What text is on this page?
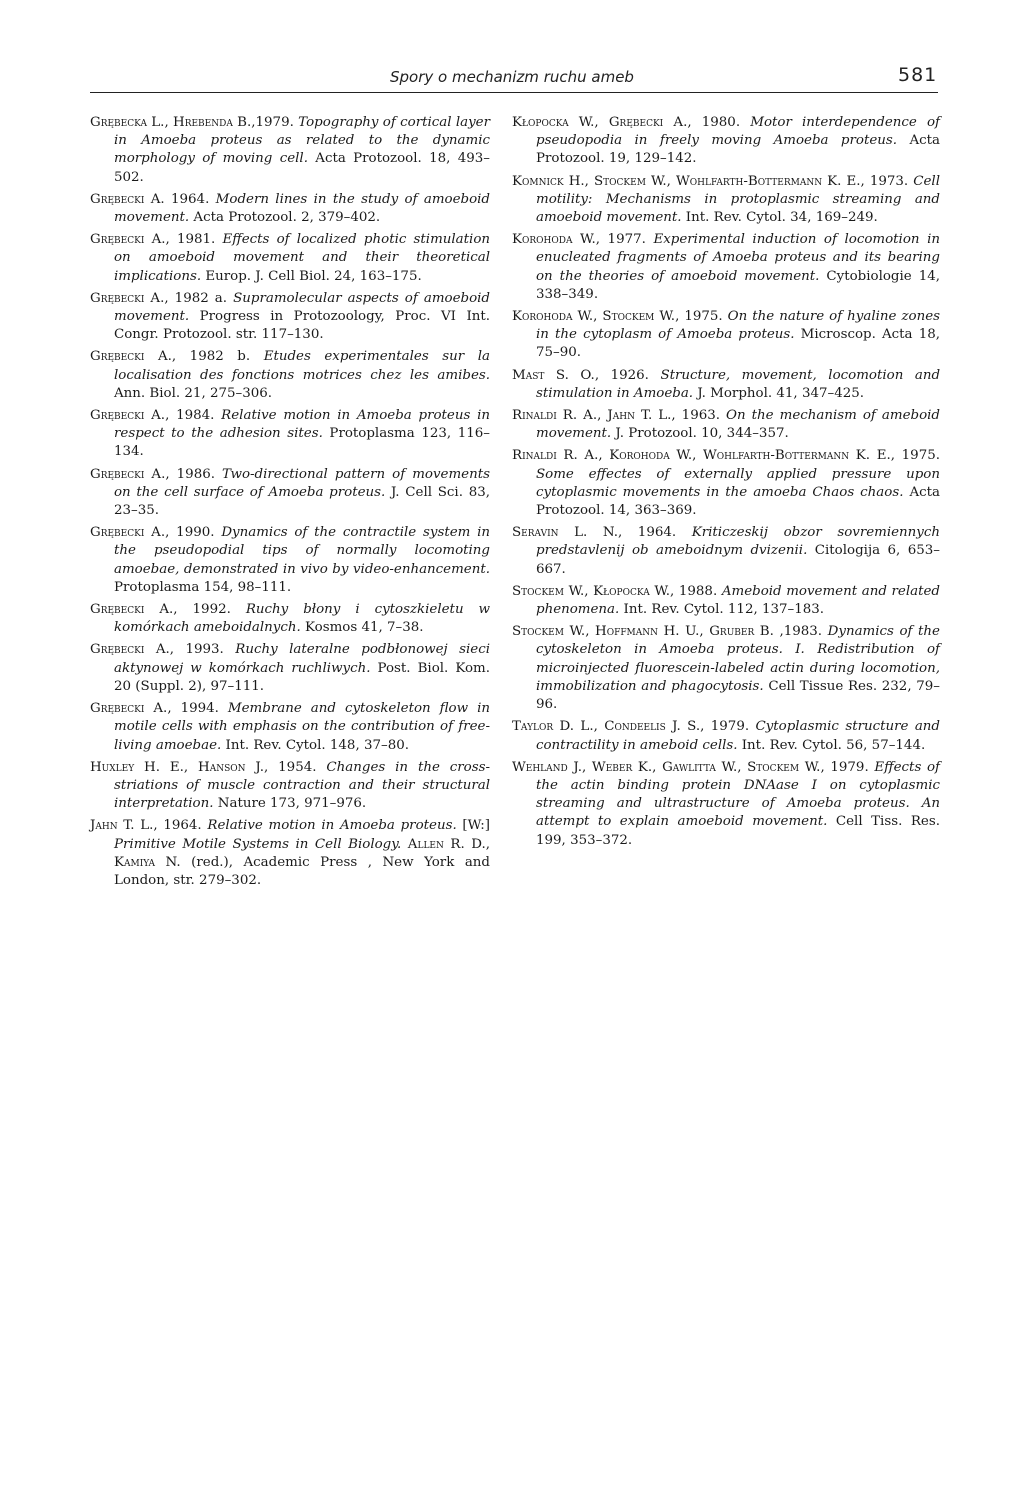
Spory o mechanizm ruchu ameb	581

Grębecka L., Hrebenda B.,1979. Topography of cortical layer in Amoeba proteus as related to the dynamic morphology of moving cell. Acta Protozool. 18, 493–502.

Grębecki A. 1964. Modern lines in the study of amoeboid movement. Acta Protozool. 2, 379–402.

Grębecki A., 1981. Effects of localized photic stimulation on amoeboid movement and their theoretical implications. Europ. J. Cell Biol. 24, 163–175.

Grębecki A., 1982 a. Supramolecular aspects of amoeboid movement. Progress in Protozoology, Proc. VI Int. Congr. Protozool. str. 117–130.

Grębecki A., 1982 b. Etudes experimentales sur la localisation des fonctions motrices chez les amibes. Ann. Biol. 21, 275–306.

Grębecki A., 1984. Relative motion in Amoeba proteus in respect to the adhesion sites. Protoplasma 123, 116–134.

Grębecki A., 1986. Two-directional pattern of movements on the cell surface of Amoeba proteus. J. Cell Sci. 83, 23–35.

Grębecki A., 1990. Dynamics of the contractile system in the pseudopodial tips of normally locomoting amoebae, demonstrated in vivo by video-enhancement. Protoplasma 154, 98–111.

Grębecki A., 1992. Ruchy błony i cytoszkieletu w komórkach ameboidalnych. Kosmos 41, 7–38.

Grębecki A., 1993. Ruchy lateralne podbłonowej sieci aktynowej w komórkach ruchliwych. Post. Biol. Kom. 20 (Suppl. 2), 97–111.

Grębecki A., 1994. Membrane and cytoskeleton flow in motile cells with emphasis on the contribution of free-living amoebae. Int. Rev. Cytol. 148, 37–80.

Huxley H. E., Hanson J., 1954. Changes in the cross-striations of muscle contraction and their structural interpretation. Nature 173, 971–976.

Jahn T. L., 1964. Relative motion in Amoeba proteus. [W:] Primitive Motile Systems in Cell Biology. Allen R. D., Kamiya N. (red.), Academic Press , New York and London, str. 279–302.

Kłopocka W., Grębecki A., 1980. Motor interdependence of pseudopodia in freely moving Amoeba proteus. Acta Protozool. 19, 129–142.

Komnick H., Stockem W., Wohlfarth-Bottermann K. E., 1973. Cell motility: Mechanisms in protoplasmic streaming and amoeboid movement. Int. Rev. Cytol. 34, 169–249.

Korohoda W., 1977. Experimental induction of locomotion in enucleated fragments of Amoeba proteus and its bearing on the theories of amoeboid movement. Cytobiologie 14, 338–349.

Korohoda W., Stockem W., 1975. On the nature of hyaline zones in the cytoplasm of Amoeba proteus. Microscop. Acta 18, 75–90.

Mast S. O., 1926. Structure, movement, locomotion and stimulation in Amoeba. J. Morphol. 41, 347–425.

Rinaldi R. A., Jahn T. L., 1963. On the mechanism of ameboid movement. J. Protozool. 10, 344–357.

Rinaldi R. A., Korohoda W., Wohlfarth-Bottermann K. E., 1975. Some effectes of externally applied pressure upon cytoplasmic movements in the amoeba Chaos chaos. Acta Protozool. 14, 363–369.

Seravin L. N., 1964. Kriticzeskij obzor sovremiennych predstavlenij ob ameboidnym dvizenii. Citologija 6, 653–667.

Stockem W., Kłopocka W., 1988. Ameboid movement and related phenomena. Int. Rev. Cytol. 112, 137–183.

Stockem W., Hoffmann H. U., Gruber B. ,1983. Dynamics of the cytoskeleton in Amoeba proteus. I. Redistribution of microinjected fluorescein-labeled actin during locomotion, immobilization and phagocytosis. Cell Tissue Res. 232, 79–96.

Taylor D. L., Condeelis J. S., 1979. Cytoplasmic structure and contractility in ameboid cells. Int. Rev. Cytol. 56, 57–144.

Wehland J., Weber K., Gawlitta W., Stockem W., 1979. Effects of the actin binding protein DNAase I on cytoplasmic streaming and ultrastructure of Amoeba proteus. An attempt to explain amoeboid movement. Cell Tiss. Res. 199, 353–372.
